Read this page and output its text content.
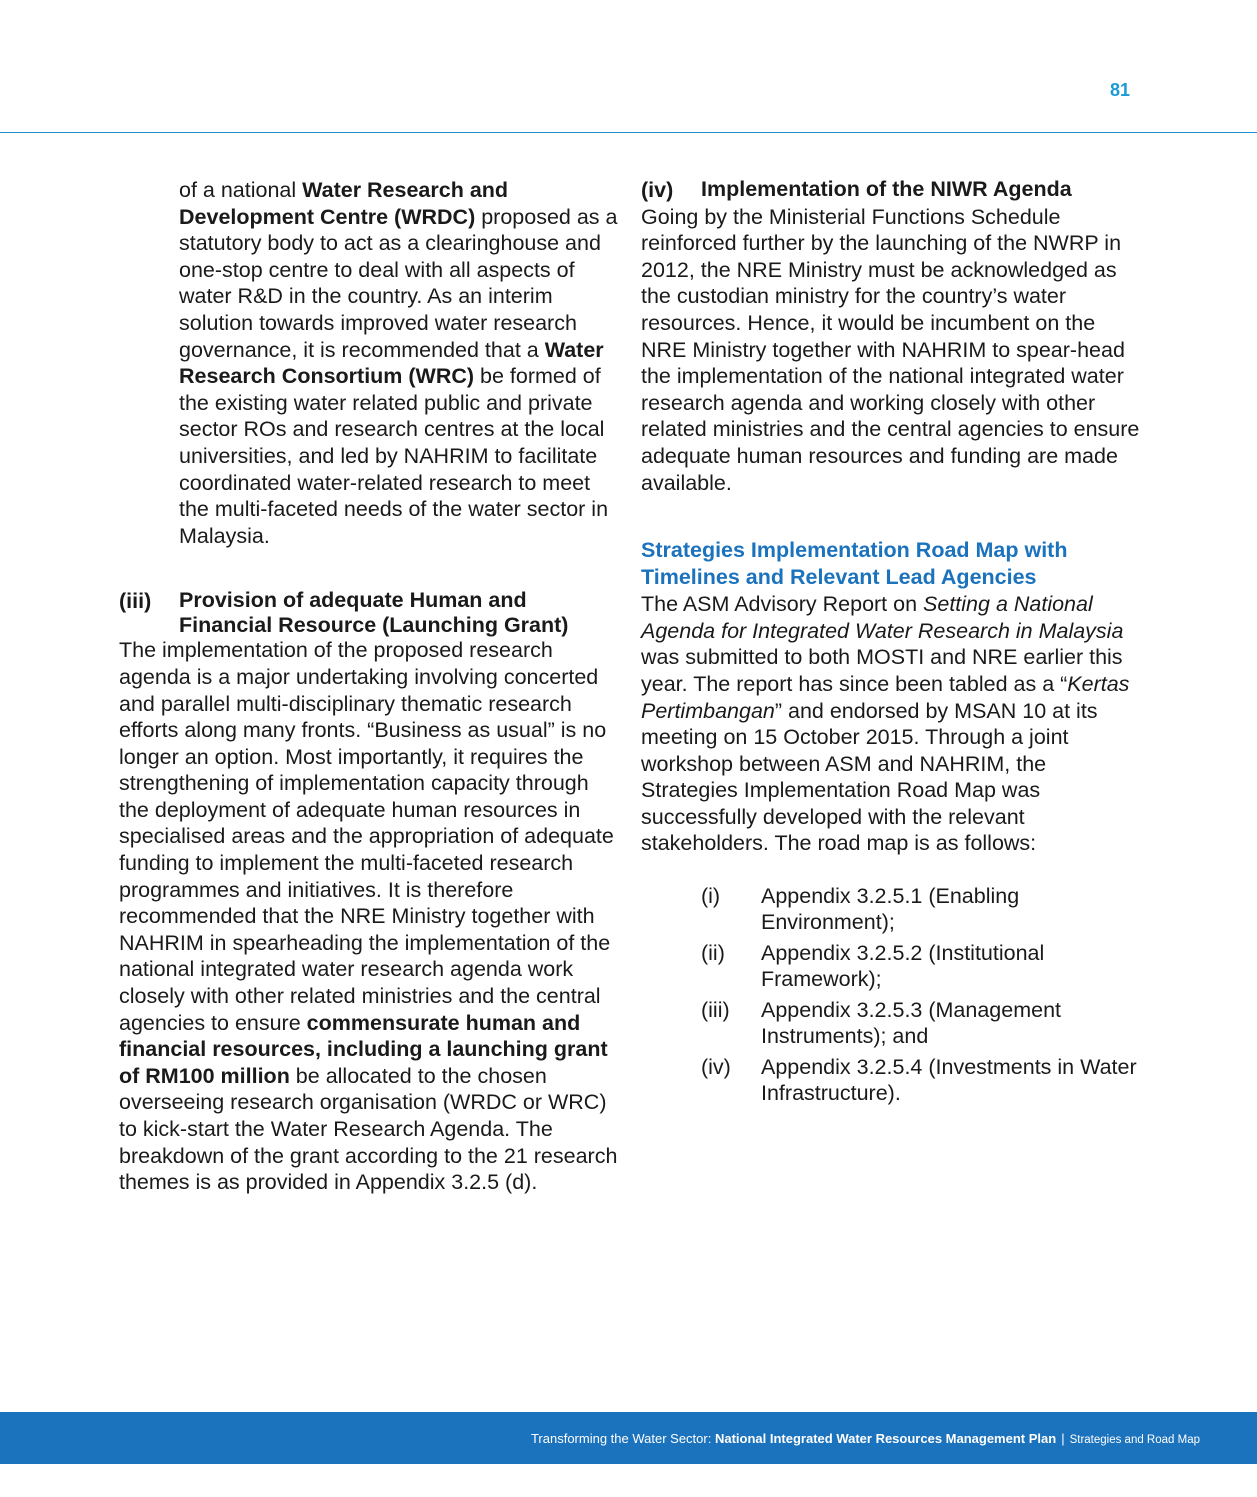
81

of a national Water Research and Development Centre (WRDC) proposed as a statutory body to act as a clearinghouse and one-stop centre to deal with all aspects of water R&D in the country. As an interim solution towards improved water research governance, it is recommended that a Water Research Consortium (WRC) be formed of the existing water related public and private sector ROs and research centres at the local universities, and led by NAHRIM to facilitate coordinated water-related research to meet the multi-faceted needs of the water sector in Malaysia.

(iii)	Provision of adequate Human and Financial Resource (Launching Grant)

The implementation of the proposed research agenda is a major undertaking involving concerted and parallel multi-disciplinary thematic research efforts along many fronts. “Business as usual” is no longer an option. Most importantly, it requires the strengthening of implementation capacity through the deployment of adequate human resources in specialised areas and the appropriation of adequate funding to implement the multi-faceted research programmes and initiatives. It is therefore recommended that the NRE Ministry together with NAHRIM in spearheading the implementation of the national integrated water research agenda work closely with other related ministries and the central agencies to ensure commensurate human and financial resources, including a launching grant of RM100 million be allocated to the chosen overseeing research organisation (WRDC or WRC) to kick-start the Water Research Agenda. The breakdown of the grant according to the 21 research themes is as provided in Appendix 3.2.5 (d).

(iv)	Implementation of the NIWR Agenda

Going by the Ministerial Functions Schedule reinforced further by the launching of the NWRP in 2012, the NRE Ministry must be acknowledged as the custodian ministry for the country’s water resources. Hence, it would be incumbent on the NRE Ministry together with NAHRIM to spear-head the implementation of the national integrated water research agenda and working closely with other related ministries and the central agencies to ensure adequate human resources and funding are made available.

Strategies Implementation Road Map with Timelines and Relevant Lead Agencies

The ASM Advisory Report on Setting a National Agenda for Integrated Water Research in Malaysia was submitted to both MOSTI and NRE earlier this year. The report has since been tabled as a “Kertas Pertimbangan” and endorsed by MSAN 10 at its meeting on 15 October 2015. Through a joint workshop between ASM and NAHRIM, the Strategies Implementation Road Map was successfully developed with the relevant stakeholders. The road map is as follows:

(i)	Appendix 3.2.5.1 (Enabling Environment);
(ii)	Appendix 3.2.5.2 (Institutional Framework);
(iii)	Appendix 3.2.5.3 (Management Instruments); and
(iv)	Appendix 3.2.5.4 (Investments in Water Infrastructure).
Transforming the Water Sector: National Integrated Water Resources Management Plan | Strategies and Road Map
